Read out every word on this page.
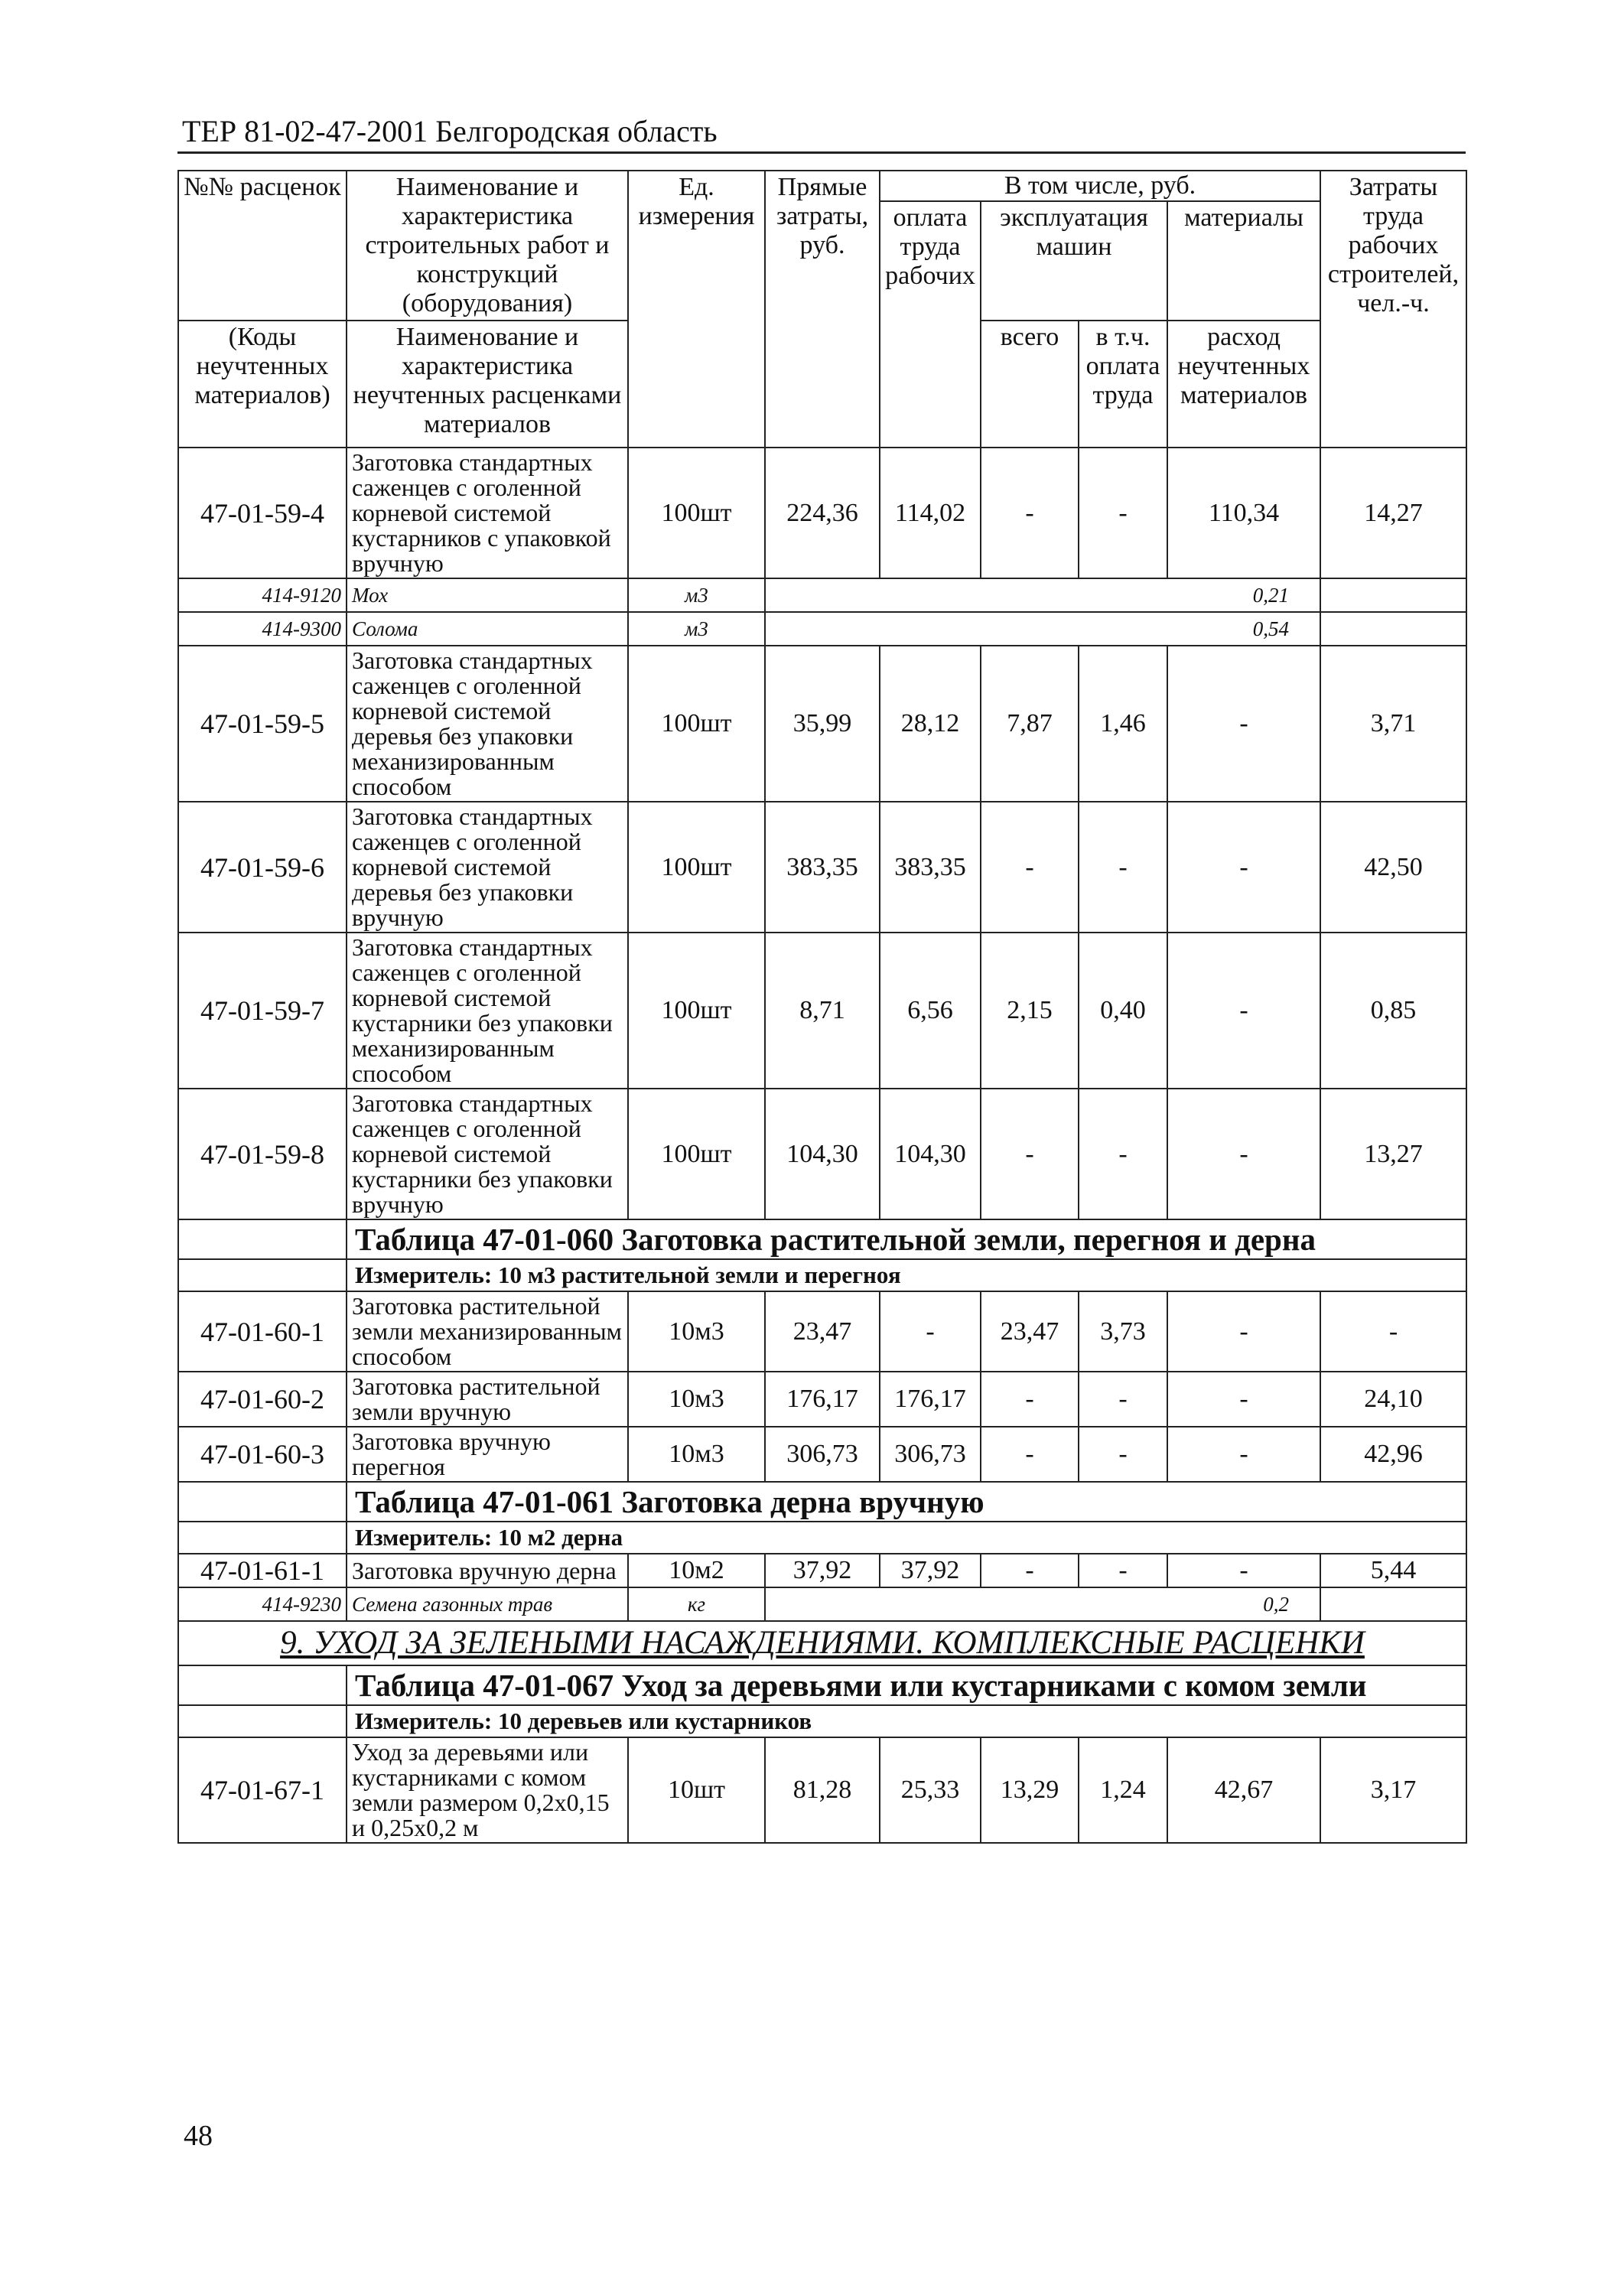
ТЕР 81-02-47-2001 Белгородская область
№№ расценок	Наименование и характеристика строительных работ и конструкций (оборудования)	Ед. измерения	Прямые затраты, руб.	В том числе, руб.				Затраты труда рабочих строителей, чел.-ч.
				оплата труда рабочих	эксплуатация машин		материалы	

(Коды неучтенных материалов)	Наименование и характеристика неучтенных расценками материалов				всего	в т.ч. оплата труда	расход неучтенных материалов	

47-01-59-4	Заготовка стандартных саженцев с оголенной корневой системой кустарников с упаковкой вручную	100шт	224,36	114,02	-	-	110,34	14,27
414-9120	Мох	м3	0,21					
414-9300	Солома	м3	0,54					
47-01-59-5	Заготовка стандартных саженцев с оголенной корневой системой деревья без упаковки механизированным способом	100шт	35,99	28,12	7,87	1,46	-	3,71
47-01-59-6	Заготовка стандартных саженцев с оголенной корневой системой деревья без упаковки вручную	100шт	383,35	383,35	-	-	-	42,50
47-01-59-7	Заготовка стандартных саженцев с оголенной корневой системой кустарники без упаковки механизированным способом	100шт	8,71	6,56	2,15	0,40	-	0,85
47-01-59-8	Заготовка стандартных саженцев с оголенной корневой системой кустарники без упаковки вручную	100шт	104,30	104,30	-	-	-	13,27
	Таблица 47-01-060 Заготовка растительной земли, перегноя и дерна							
	Измеритель: 10 м3 растительной земли и перегноя							
47-01-60-1	Заготовка растительной земли механизированным способом	10м3	23,47	-	23,47	3,73	-	-
47-01-60-2	Заготовка растительной земли вручную	10м3	176,17	176,17	-	-	-	24,10
47-01-60-3	Заготовка вручную перегноя	10м3	306,73	306,73	-	-	-	42,96
	Таблица 47-01-061 Заготовка дерна вручную							
	Измеритель: 10 м2 дерна							
47-01-61-1	Заготовка вручную дерна	10м2	37,92	37,92	-	-	-	5,44
414-9230	Семена газонных трав	кг	0,2					
9. УХОД ЗА ЗЕЛЕНЫМИ НАСАЖДЕНИЯМИ. КОМПЛЕКСНЫЕ РАСЦЕНКИ								
	Таблица 47-01-067 Уход за деревьями или кустарниками с комом земли							
	Измеритель: 10 деревьев или кустарников							
47-01-67-1	Уход за деревьями или кустарниками с комом земли размером 0,2х0,15 и 0,25х0,2 м	10шт	81,28	25,33	13,29	1,24	42,67	3,17
48
